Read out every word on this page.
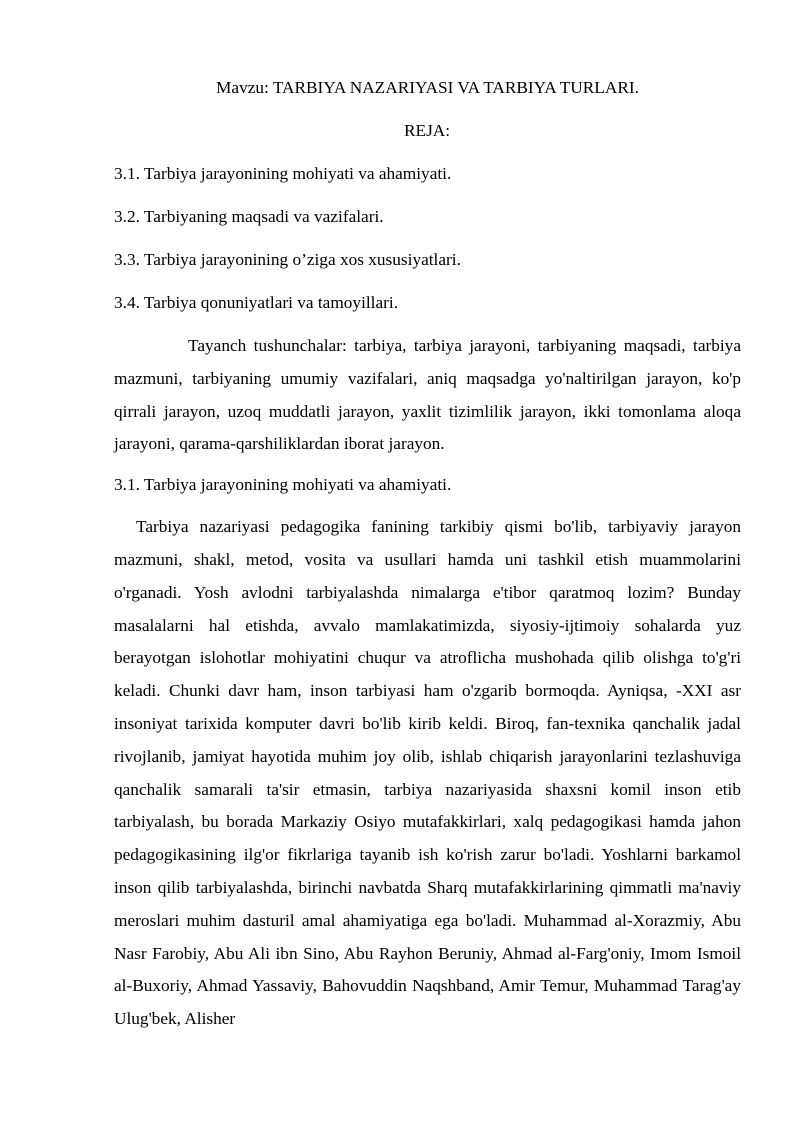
Mavzu: TARBIYA NAZARIYASI VA TARBIYA TURLARI.
REJA:

3.1. Tarbiya jarayonining mohiyati va ahamiyati.

3.2. Tarbiyaning maqsadi va vazifalari.

3.3. Tarbiya jarayonining o’ziga xos xususiyatlari.

3.4. Tarbiya qonuniyatlari va tamoyillari.

Tayanch tushunchalar: tarbiya, tarbiya jarayoni, tarbiyaning maqsadi, tarbiya mazmuni, tarbiyaning umumiy vazifalari, aniq maqsadga yo'naltirilgan jarayon, ko'p qirrali jarayon, uzoq muddatli jarayon, yaxlit tizimlilik jarayon, ikki tomonlama aloqa jarayoni, qarama-qarshiliklardan iborat jarayon.

3.1. Tarbiya jarayonining mohiyati va ahamiyati.

Tarbiya nazariyasi pedagogika fanining tarkibiy qismi bo'lib, tarbiyaviy jarayon mazmuni, shakl, metod, vosita va usullari hamda uni tashkil etish muammolarini o'rganadi. Yosh avlodni tarbiyalashda nimalarga e'tibor qaratmoq lozim? Bunday masalalarni hal etishda, avvalo mamlakatimizda, siyosiy-ijtimoiy sohalarda yuz berayotgan islohotlar mohiyatini chuqur va atroflicha mushohada qilib olishga to'g'ri keladi. Chunki davr ham, inson tarbiyasi ham o'zgarib bormoqda. Ayniqsa, -XXI asr insoniyat tarixida komputer davri bo'lib kirib keldi. Biroq, fan-texnika qanchalik jadal rivojlanib, jamiyat hayotida muhim joy olib, ishlab chiqarish jarayonlarini tezlashuviga qanchalik samarali ta'sir etmasin, tarbiya nazariyasida shaxsni komil inson etib tarbiyalash, bu borada Markaziy Osiyo mutafakkirlari, xalq pedagogikasi hamda jahon pedagogikasining ilg'or fikrlariga tayanib ish ko'rish zarur bo'ladi. Yoshlarni barkamol inson qilib tarbiyalashda, birinchi navbatda Sharq mutafakkirlarining qimmatli ma'naviy meroslari muhim dasturil amal ahamiyatiga ega bo'ladi. Muhammad al-Xorazmiy, Abu Nasr Farobiy, Abu Ali ibn Sino, Abu Rayhon Beruniy, Ahmad al-Farg'oniy, Imom Ismoil al-Buxoriy, Ahmad Yassaviy, Bahovuddin Naqshband, Amir Temur, Muhammad Tarag'ay Ulug'bek, Alisher
